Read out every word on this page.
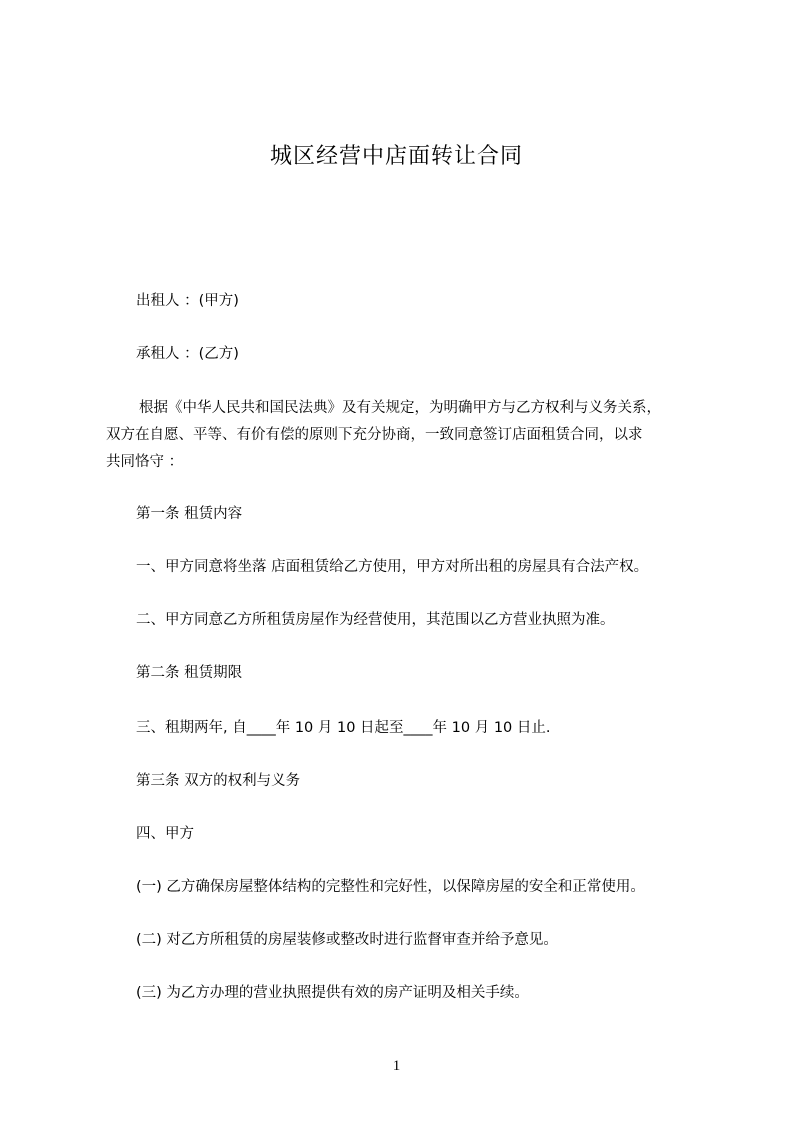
城区经营中店面转让合同
出租人 ：(甲方)
承租人 ：(乙方)
根据《中华人民共和国民法典》及有关规定，为明确甲方与乙方权利与义务关系，
双方在自愿、平等、有价有偿的原则下充分协商，一致同意签订店面租赁合同，以求
共同恪守 ：
第一条 租赁内容
一、甲方同意将坐落 店面租赁给乙方使用，甲方对所出租的房屋具有合法产权。
二、甲方同意乙方所租赁房屋作为经营使用，其范围以乙方营业执照为准。
第二条 租赁期限
三、租期两年, 自____年 10 月 10 日起至____年 10 月 10 日止.
第三条 双方的权利与义务
四、甲方
(一) 乙方确保房屋整体结构的完整性和完好性，以保障房屋的安全和正常使用。
(二) 对乙方所租赁的房屋装修或整改时进行监督审查并给予意见。
(三) 为乙方办理的营业执照提供有效的房产证明及相关手续。
1
